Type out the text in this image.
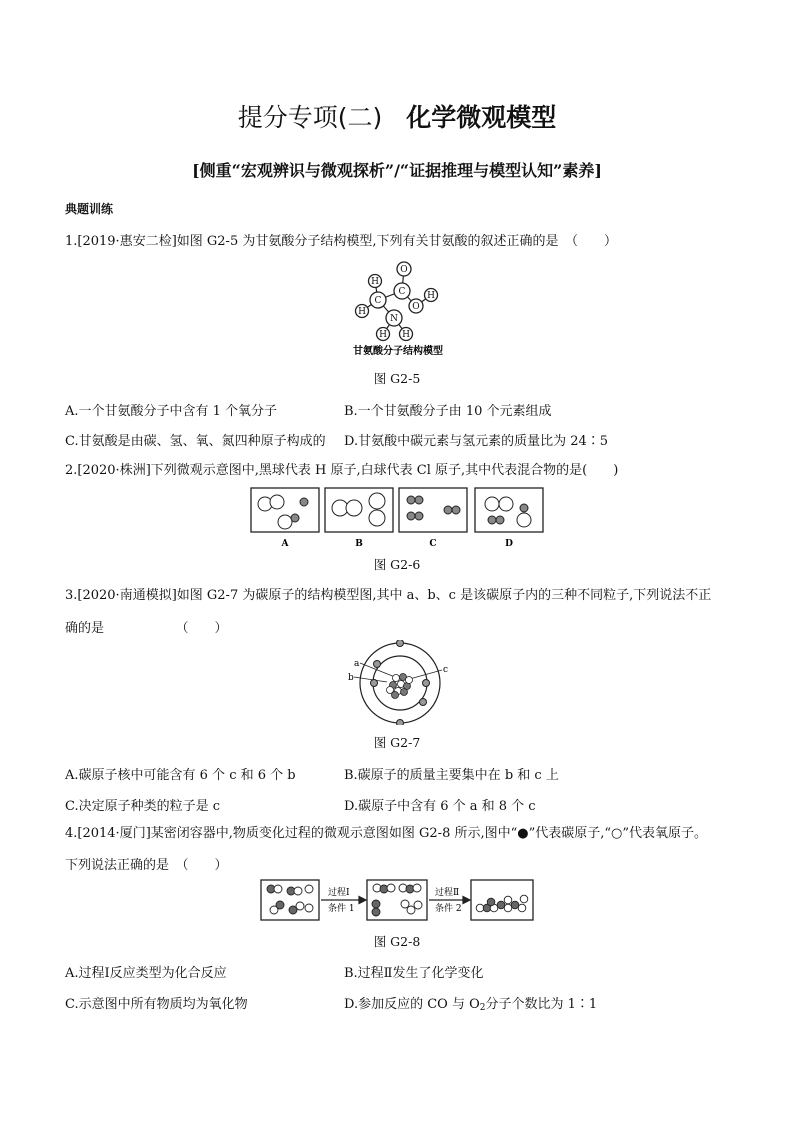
提分专项(二) 化学微观模型
[侧重“宏观辨识与微观探析”/“证据推理与模型认知”素养]
典题训练
1.[2019·惠安二检]如图 G2-5 为甘氨酸分子结构模型,下列有关甘氨酸的叙述正确的是　（　　）
H
H
C
C
O
O
H
N
H H
甘氨酸分子结构模型
图 G2-5
A.一个甘氨酸分子中含有 1 个氧分子	B.一个甘氨酸分子由 10 个元素组成
C.甘氨酸是由碳、氢、氧、氮四种原子构成的 D.甘氨酸中碳元素与氢元素的质量比为 24∶5
2.[2020·株洲]下列微观示意图中,黑球代表 H 原子,白球代表 Cl 原子,其中代表混合物的是(　　)
A	B	C	D
图 G2-6
3.[2020·南通模拟]如图 G2-7 为碳原子的结构模型图,其中 a、b、c 是该碳原子内的三种不同粒子,下列说法不正
确的是　　　　　　（　　）
a
b
c
图 G2-7
A.碳原子核中可能含有 6 个 c 和 6 个 b	B.碳原子的质量主要集中在 b 和 c 上
C.决定原子种类的粒子是 c	D.碳原子中含有 6 个 a 和 8 个 c
4.[2014·厦门]某密闭容器中,物质变化过程的微观示意图如图 G2-8 所示,图中“●”代表碳原子,“○”代表氧原子。
下列说法正确的是　（　　）
过程Ⅰ
条件 1
过程Ⅱ
条件 2
图 G2-8
A.过程Ⅰ反应类型为化合反应	B.过程Ⅱ发生了化学变化
C.示意图中所有物质均为氧化物	D.参加反应的 CO 与 $O_2$分子个数比为 1∶1
